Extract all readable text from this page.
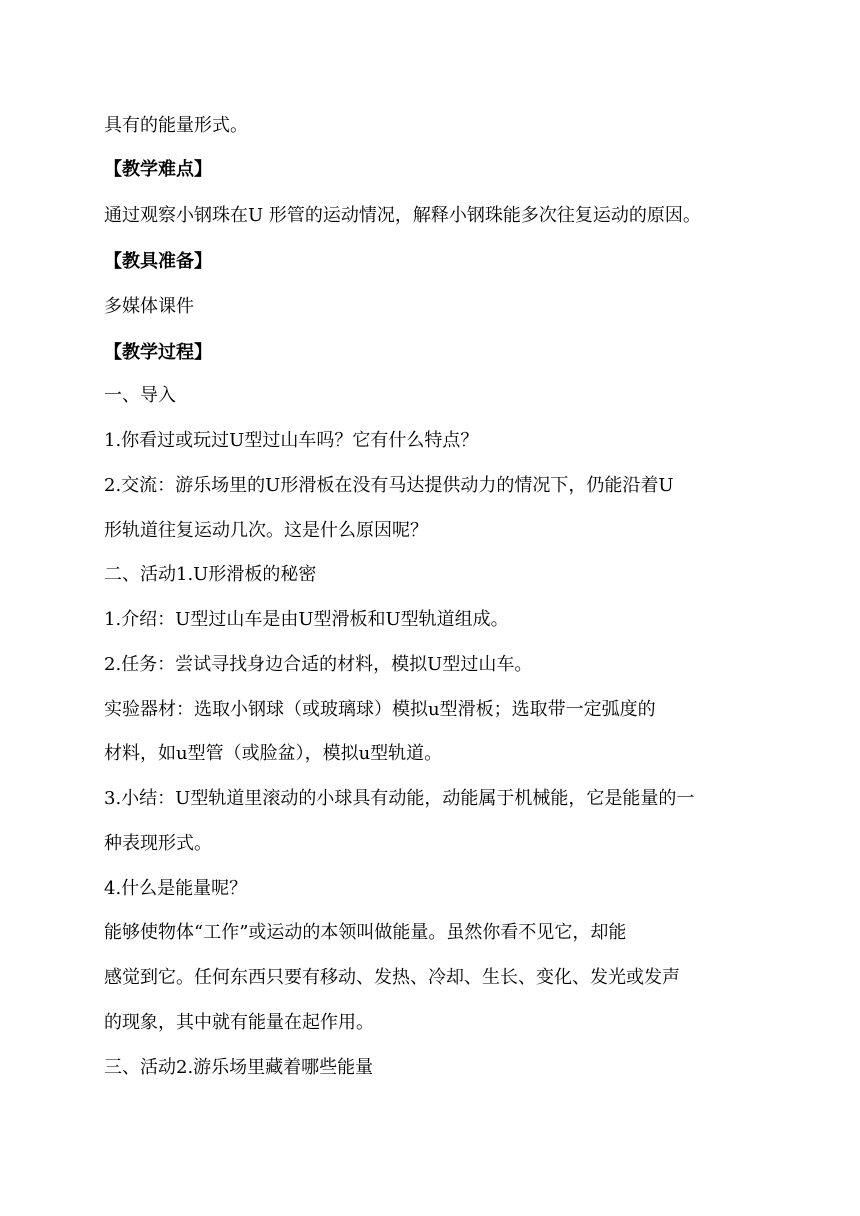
具有的能量形式。
【教学难点】
通过观察小钢珠在U 形管的运动情况，解释小钢珠能多次往复运动的原因。
【教具准备】
多媒体课件
【教学过程】
一、导入
1.你看过或玩过U型过山车吗？它有什么特点？
2.交流：游乐场里的U形滑板在没有马达提供动力的情况下，仍能沿着U
形轨道往复运动几次。这是什么原因呢？
二、活动1.U形滑板的秘密
1.介绍：U型过山车是由U型滑板和U型轨道组成。
2.任务：尝试寻找身边合适的材料，模拟U型过山车。
实验器材：选取小钢球（或玻璃球）模拟u型滑板；选取带一定弧度的
材料，如u型管（或脸盆），模拟u型轨道。
3.小结：U型轨道里滚动的小球具有动能，动能属于机械能，它是能量的一
种表现形式。
4.什么是能量呢？
能够使物体“工作”或运动的本领叫做能量。虽然你看不见它，却能
感觉到它。任何东西只要有移动、发热、冷却、生长、变化、发光或发声
的现象，其中就有能量在起作用。
三、活动2.游乐场里藏着哪些能量
